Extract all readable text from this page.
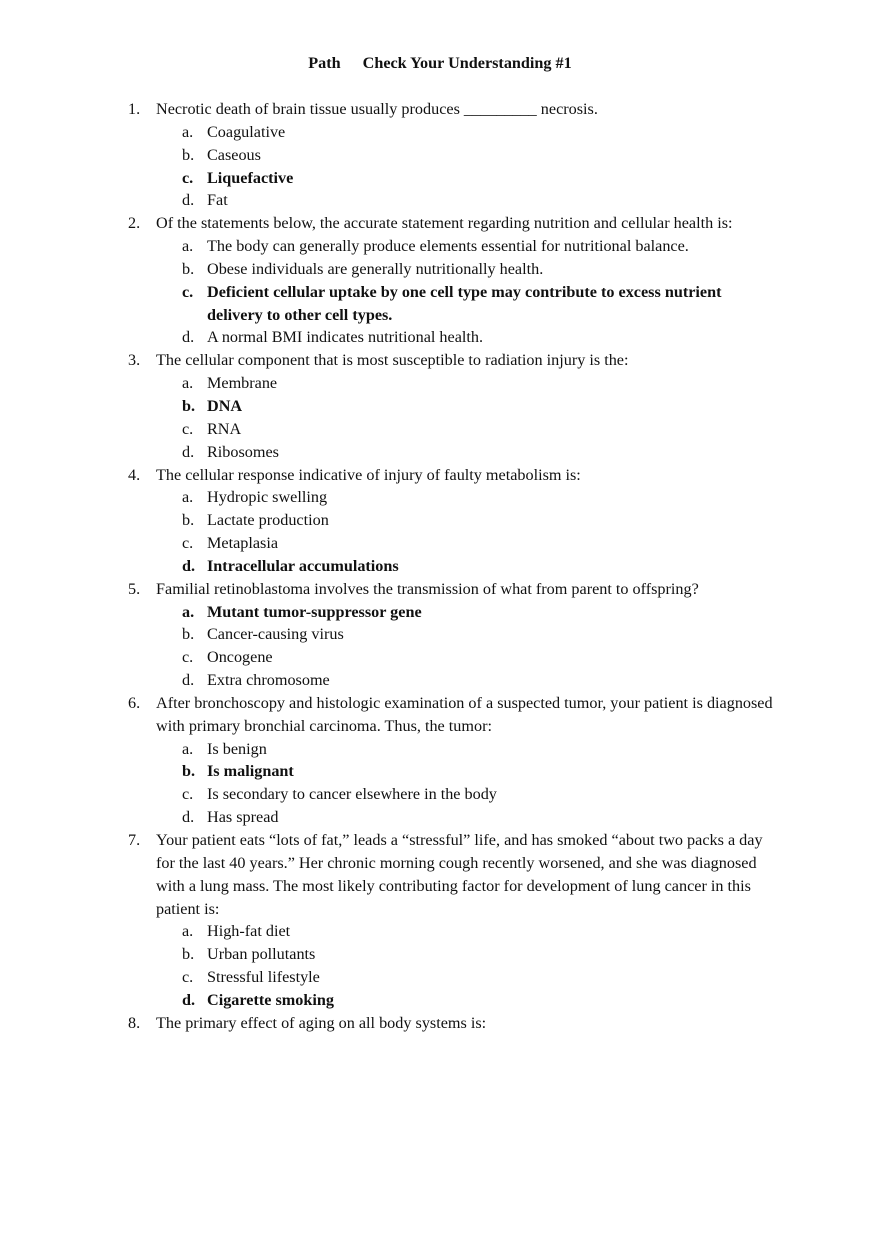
Path Check Your Understanding #1
1. Necrotic death of brain tissue usually produces _________ necrosis.
a. Coagulative
b. Caseous
c. Liquefactive
d. Fat
2. Of the statements below, the accurate statement regarding nutrition and cellular health is:
a. The body can generally produce elements essential for nutritional balance.
b. Obese individuals are generally nutritionally health.
c. Deficient cellular uptake by one cell type may contribute to excess nutrient delivery to other cell types.
d. A normal BMI indicates nutritional health.
3. The cellular component that is most susceptible to radiation injury is the:
a. Membrane
b. DNA
c. RNA
d. Ribosomes
4. The cellular response indicative of injury of faulty metabolism is:
a. Hydropic swelling
b. Lactate production
c. Metaplasia
d. Intracellular accumulations
5. Familial retinoblastoma involves the transmission of what from parent to offspring?
a. Mutant tumor-suppressor gene
b. Cancer-causing virus
c. Oncogene
d. Extra chromosome
6. After bronchoscopy and histologic examination of a suspected tumor, your patient is diagnosed with primary bronchial carcinoma. Thus, the tumor:
a. Is benign
b. Is malignant
c. Is secondary to cancer elsewhere in the body
d. Has spread
7. Your patient eats “lots of fat,” leads a “stressful” life, and has smoked “about two packs a day for the last 40 years.” Her chronic morning cough recently worsened, and she was diagnosed with a lung mass. The most likely contributing factor for development of lung cancer in this patient is:
a. High-fat diet
b. Urban pollutants
c. Stressful lifestyle
d. Cigarette smoking
8. The primary effect of aging on all body systems is:
